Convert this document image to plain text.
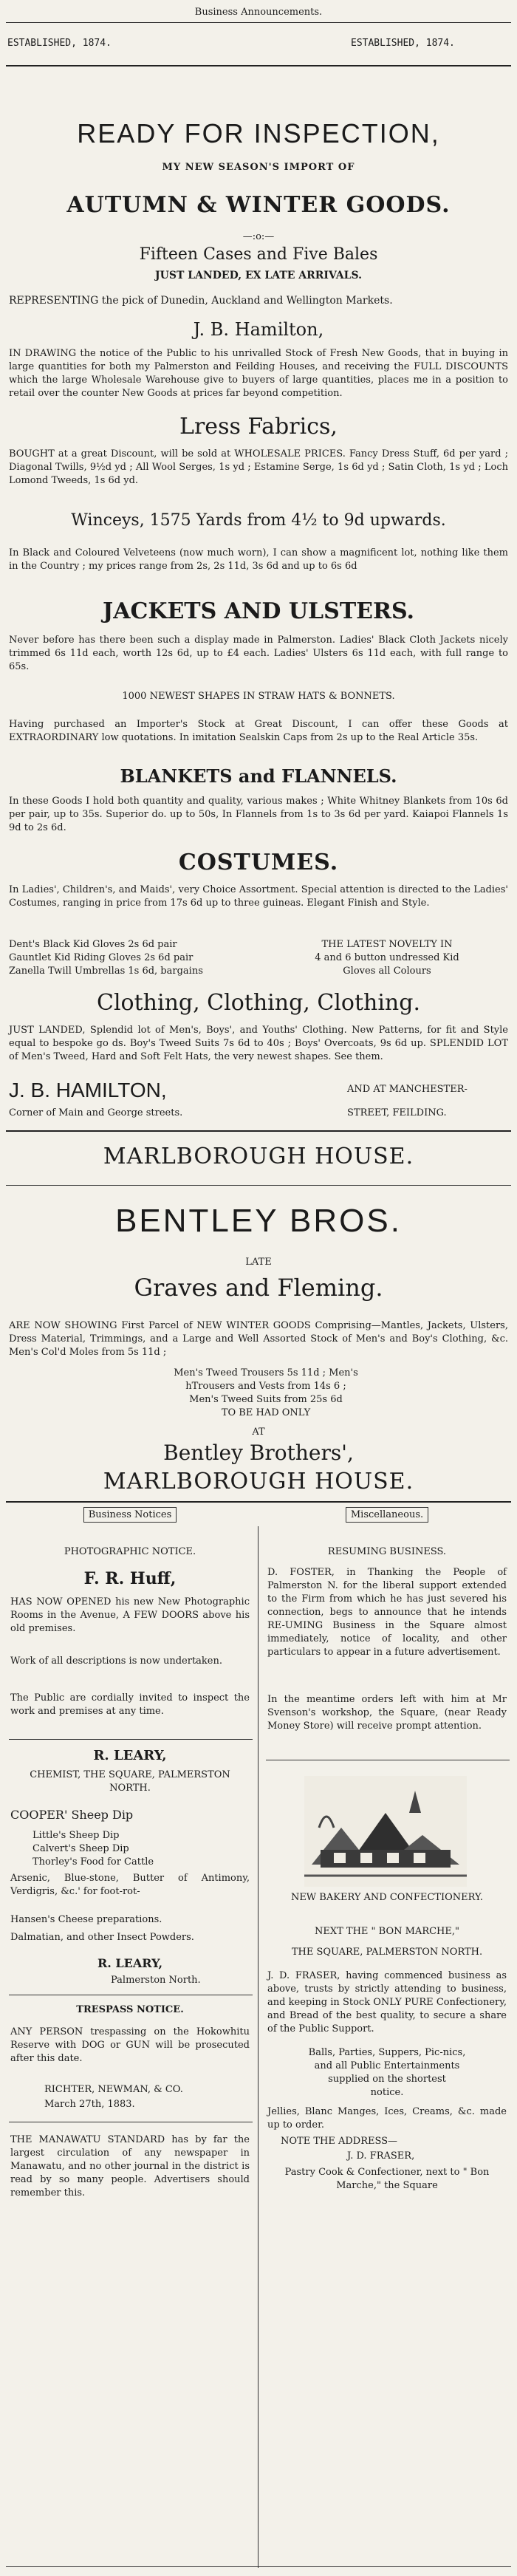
Business Announcements.
ESTABLISHED, 1874.	ESTABLISHED, 1874.
READY FOR INSPECTION,
MY NEW SEASON'S IMPORT OF
AUTUMN & WINTER GOODS.
—:o:—
Fifteen Cases and Five Bales
JUST LANDED, EX LATE ARRIVALS.
REPRESENTING the pick of Dunedin, Auckland and Wellington Markets.
J. B. Hamilton,
IN DRAWING the notice of the Public to his unrivalled Stock of Fresh New Goods, that in buying in large quantities for both my Palmerston and Feilding Houses, and receiving the FULL DISCOUNTS which the large Wholesale Warehouse give to buyers of large quantities, places me in a position to retail over the counter New Goods at prices far beyond competition.
Lress Fabrics,
BOUGHT at a great Discount, will be sold at WHOLESALE PRICES. Fancy Dress Stuff, 6d per yard ; Diagonal Twills, 9½d yd ; All Wool Serges, 1s yd ; Estamine Serge, 1s 6d yd ; Satin Cloth, 1s yd ; Loch Lomond Tweeds, 1s 6d yd.
Winceys, 1575 Yards from 4½ to 9d upwards.
In Black and Coloured Velveteens (now much worn), I can show a magnificent lot, nothing like them in the Country ; my prices range from 2s, 2s 11d, 3s 6d and up to 6s 6d
JACKETS AND ULSTERS.
Never before has there been such a display made in Palmerston. Ladies' Black Cloth Jackets nicely trimmed 6s 11d each, worth 12s 6d, up to £4 each. Ladies' Ulsters 6s 11d each, with full range to 65s.
1000 NEWEST SHAPES IN STRAW HATS & BONNETS.
Having purchased an Importer's Stock at Great Discount, I can offer these Goods at EXTRAORDINARY low quotations. In imitation Sealskin Caps from 2s up to the Real Article 35s.
BLANKETS and FLANNELS.
In these Goods I hold both quantity and quality, various makes ; White Whitney Blankets from 10s 6d per pair, up to 35s. Superior do. up to 50s, In Flannels from 1s to 3s 6d per yard. Kaiapoi Flannels 1s 9d to 2s 6d.
COSTUMES.
In Ladies', Children's, and Maids', very Choice Assortment. Special attention is directed to the Ladies' Costumes, ranging in price from 17s 6d up to three guineas. Elegant Finish and Style.

Dent's Black Kid Gloves 2s 6d pair

Gauntlet Kid Riding Gloves 2s 6d pair

Zanella Twill Umbrellas 1s 6d, bargains

THE LATEST NOVELTY IN

4 and 6 button undressed Kid

Gloves all Colours

Clothing, Clothing, Clothing.
JUST LANDED, Splendid lot of Men's, Boys', and Youths' Clothing. New Patterns, for fit and Style equal to bespoke go ds. Boy's Tweed Suits 7s 6d to 40s ; Boys' Overcoats, 9s 6d up. SPLENDID LOT of Men's Tweed, Hard and Soft Felt Hats, the very newest shapes. See them.
J. B. HAMILTON,
Corner of Main and George streets.
AND AT MANCHESTER-
STREET, FEILDING.
MARLBOROUGH HOUSE.
BENTLEY BROS.
LATE
Graves and Fleming.
ARE NOW SHOWING First Parcel of NEW WINTER GOODS Comprising—Mantles, Jackets, Ulsters, Dress Material, Trimmings, and a Large and Well Assorted Stock of Men's and Boy's Clothing, &c. Men's Col'd Moles from 5s 11d ;

Men's Tweed Trousers 5s 11d ; Men's

hTrousers and Vests from 14s 6 ;

Men's Tweed Suits from 25s 6d

TO BE HAD ONLY

AT
Bentley Brothers',
MARLBOROUGH HOUSE.
Business Notices	Miscellaneous.
PHOTOGRAPHIC NOTICE.
F. R. Huff,
HAS NOW OPENED his new New Photographic Rooms in the Avenue, A FEW DOORS above his old premises.
Work of all descriptions is now undertaken.
The Public are cordially invited to inspect the work and premises at any time.
R. LEARY,
CHEMIST, THE SQUARE, PALMERSTON NORTH.
COOPER' Sheep Dip

Little's Sheep Dip

Calvert's Sheep Dip

Thorley's Food for Cattle

Arsenic, Blue-stone, Butter of Antimony, Verdigris, &c.' for foot-rot-
Hansen's Cheese preparations.
Dalmatian, and other Insect Powders.
R. LEARY,
Palmerston North.
TRESPASS NOTICE.
ANY PERSON trespassing on the Hokowhitu Reserve with DOG or GUN will be prosecuted after this date.
RICHTER, NEWMAN, & CO.
March 27th, 1883.
THE MANAWATU STANDARD has by far the largest circulation of any newspaper in Manawatu, and no other journal in the district is read by so many people. Advertisers should remember this.
RESUMING BUSINESS.
D. FOSTER, in Thanking the People of Palmerston N. for the liberal support extended to the Firm from which he has just severed his connection, begs to announce that he intends RE-UMING Business in the Square almost immediately, notice of locality, and other particulars to appear in a future advertisement.
In the meantime orders left with him at Mr Svenson's workshop, the Square, (near Ready Money Store) will receive prompt attention.
NEW BAKERY AND CONFECTIONERY.
NEXT THE " BON MARCHE,"
THE SQUARE, PALMERSTON NORTH.
J. D. FRASER, having commenced business as above, trusts by strictly attending to business, and keeping in Stock ONLY PURE Confectionery, and Bread of the best quality, to secure a share of the Public Support.

Balls, Parties, Suppers, Pic-nics,

and all Public Entertainments

supplied on the shortest

notice.

Jellies, Blanc Manges, Ices, Creams, &c. made up to order.
NOTE THE ADDRESS—
J. D. FRASER,
Pastry Cook & Confectioner, next to " Bon Marche," the Square
